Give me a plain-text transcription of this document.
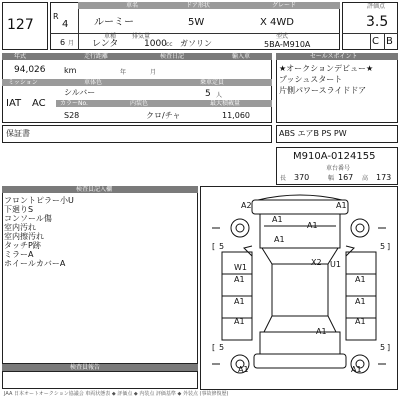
127
車名	ドア形状	グレード
R
4	ルーミー	5W	X 4WD
6 月
車種
レンタ
排気量
1000 cc ガソリン
型式
5BA-M910A
評価点
3.5
C B
年式	走行距離	検査日記	輸入車
94,026 km	年	月
ミッション	車体色	乗車定員
シルバー	5 人
IAT AC カラーNo.	内装色	最大積載量
S28	クロ/チャ	11,060
セールスポイント
★オークションデビュー★
プッシュスタート
片側パワースライドドア
保証書	ABS エアB PS PW
M910A-0124155
車台番号
長 370	幅 167 高 173
検査員記入欄
フロントピラー小U
下廻りS
コンソール傷
室内汚れ
室内擦汚れ
タッチP跡
ミラーA
ホイールカバーA
検査員報告
A2	A1
A1
A1
A1
W1
A1
A1
A1
X2 U1
A1
A1
A1
A1
A1	A1
[ 5	5 ]
[ 5	5 ]
JAA 日本オートオークション協議会 車両状態表 ◆ 評価点 ◆ 内装点 評価基準 ◆ 外装点 (事故修復歴)
